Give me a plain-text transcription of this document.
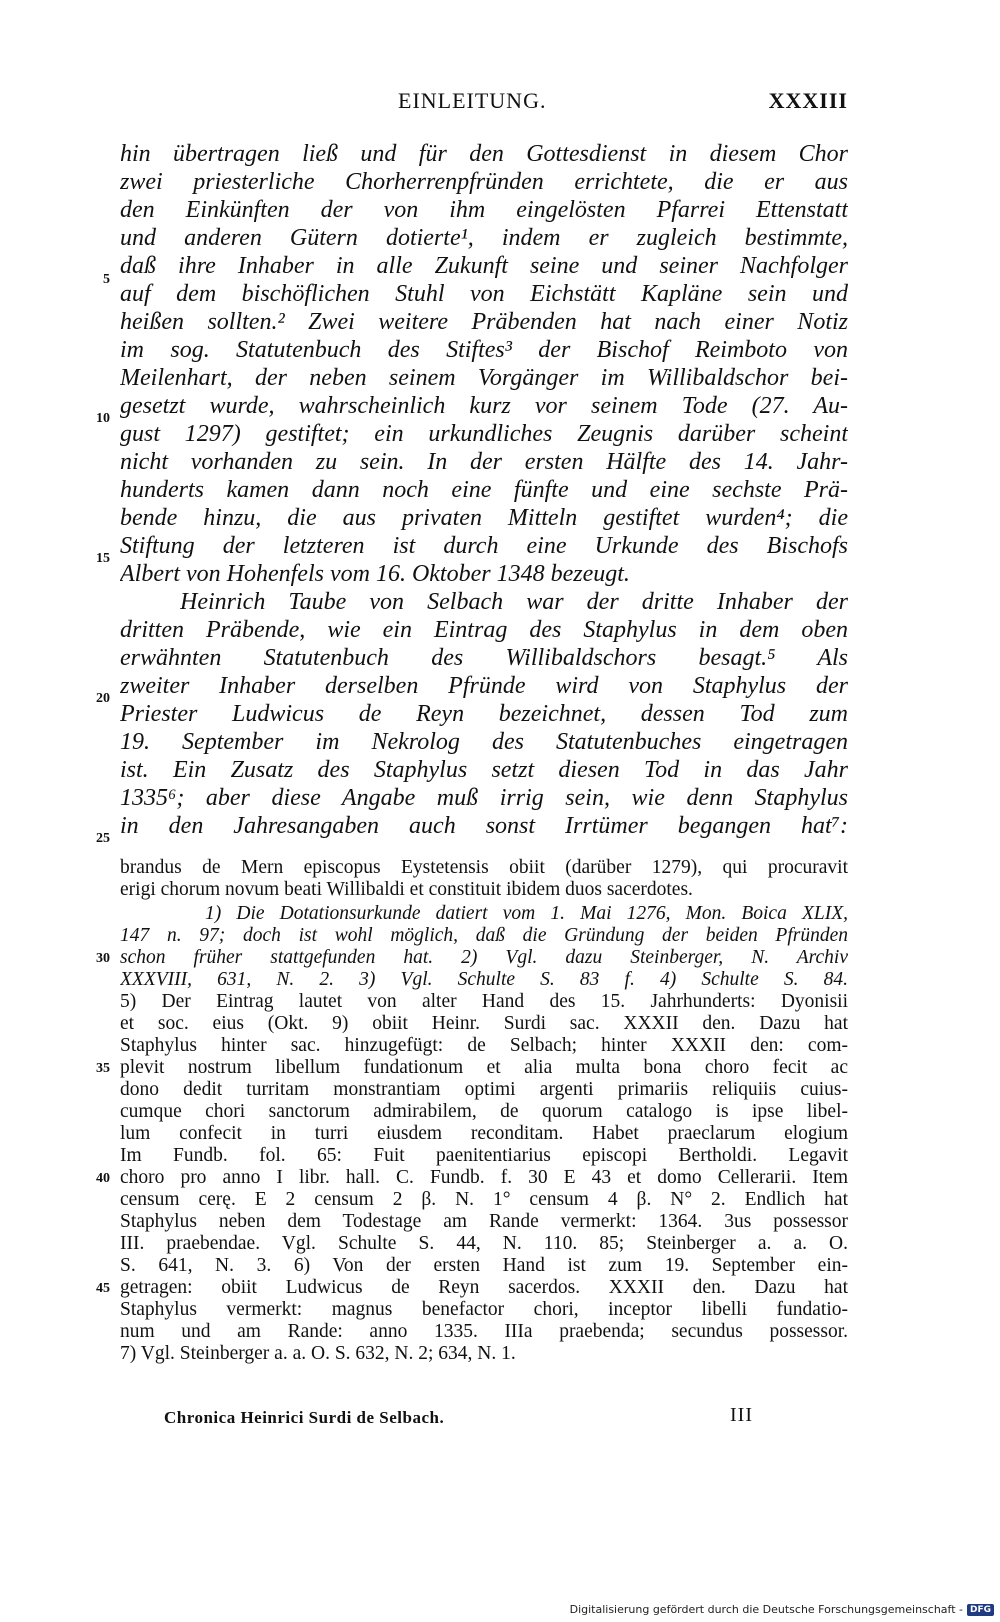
EINLEITUNG.	XXXIII
hin übertragen ließ und für den Gottesdienst in diesem Chor
zwei priesterliche Chorherrenpfründen errichtete, die er aus
den Einkünften der von ihm eingelösten Pfarrei Ettenstatt
und anderen Gütern dotierte¹, indem er zugleich bestimmte,
daß ihre Inhaber in alle Zukunft seine und seiner Nachfolger
auf dem bischöflichen Stuhl von Eichstätt Kapläne sein und
heißen sollten.² Zwei weitere Präbenden hat nach einer Notiz
im sog. Statutenbuch des Stiftes³ der Bischof Reimboto von
Meilenhart, der neben seinem Vorgänger im Willibaldschor bei-
gesetzt wurde, wahrscheinlich kurz vor seinem Tode (27. Au-
gust 1297) gestiftet; ein urkundliches Zeugnis darüber scheint
nicht vorhanden zu sein. In der ersten Hälfte des 14. Jahr-
hunderts kamen dann noch eine fünfte und eine sechste Prä-
bende hinzu, die aus privaten Mitteln gestiftet wurden⁴; die
Stiftung der letzteren ist durch eine Urkunde des Bischofs
Albert von Hohenfels vom 16. Oktober 1348 bezeugt.
Heinrich Taube von Selbach war der dritte Inhaber der
dritten Präbende, wie ein Eintrag des Staphylus in dem oben
erwähnten Statutenbuch des Willibaldschors besagt.⁵ Als
zweiter Inhaber derselben Pfründe wird von Staphylus der
Priester Ludwicus de Reyn bezeichnet, dessen Tod zum
19. September im Nekrolog des Statutenbuches eingetragen
ist. Ein Zusatz des Staphylus setzt diesen Tod in das Jahr
1335⁶; aber diese Angabe muß irrig sein, wie denn Staphylus
in den Jahresangaben auch sonst Irrtümer begangen hat⁷:
5
10
15
20
25
brandus de Mern episcopus Eystetensis obiit (darüber 1279), qui procuravit
erigi chorum novum beati Willibaldi et constituit ibidem duos sacerdotes.
1) Die Dotationsurkunde datiert vom 1. Mai 1276, Mon. Boica XLIX,
147 n. 97; doch ist wohl möglich, daß die Gründung der beiden Pfründen
schon früher stattgefunden hat. 2) Vgl. dazu Steinberger, N. Archiv
XXXVIII, 631, N. 2. 3) Vgl. Schulte S. 83 f. 4) Schulte S. 84.
5) Der Eintrag lautet von alter Hand des 15. Jahrhunderts: Dyonisii
et soc. eius (Okt. 9) obiit Heinr. Surdi sac. XXXII den. Dazu hat
Staphylus hinter sac. hinzugefügt: de Selbach; hinter XXXII den: com-
plevit nostrum libellum fundationum et alia multa bona choro fecit ac
dono dedit turritam monstrantiam optimi argenti primariis reliquiis cuius-
cumque chori sanctorum admirabilem, de quorum catalogo is ipse libel-
lum confecit in turri eiusdem reconditam. Habet praeclarum elogium
Im Fundb. fol. 65: Fuit paenitentiarius episcopi Bertholdi. Legavit
choro pro anno I libr. hall. C. Fundb. f. 30 E 43 et domo Cellerarii. Item
censum cerę. E 2 censum 2 β. N. 1° censum 4 β. N° 2. Endlich hat
Staphylus neben dem Todestage am Rande vermerkt: 1364. 3us possessor
III. praebendae. Vgl. Schulte S. 44, N. 110. 85; Steinberger a. a. O.
S. 641, N. 3. 6) Von der ersten Hand ist zum 19. September ein-
getragen: obiit Ludwicus de Reyn sacerdos. XXXII den. Dazu hat
Staphylus vermerkt: magnus benefactor chori, inceptor libelli fundatio-
num und am Rande: anno 1335. IIIa praebenda; secundus possessor.
7) Vgl. Steinberger a. a. O. S. 632, N. 2; 634, N. 1.
30
35
40
45
Chronica Heinrici Surdi de Selbach.	III
Digitalisierung gefördert durch die Deutsche Forschungsgemeinschaft - DFG
